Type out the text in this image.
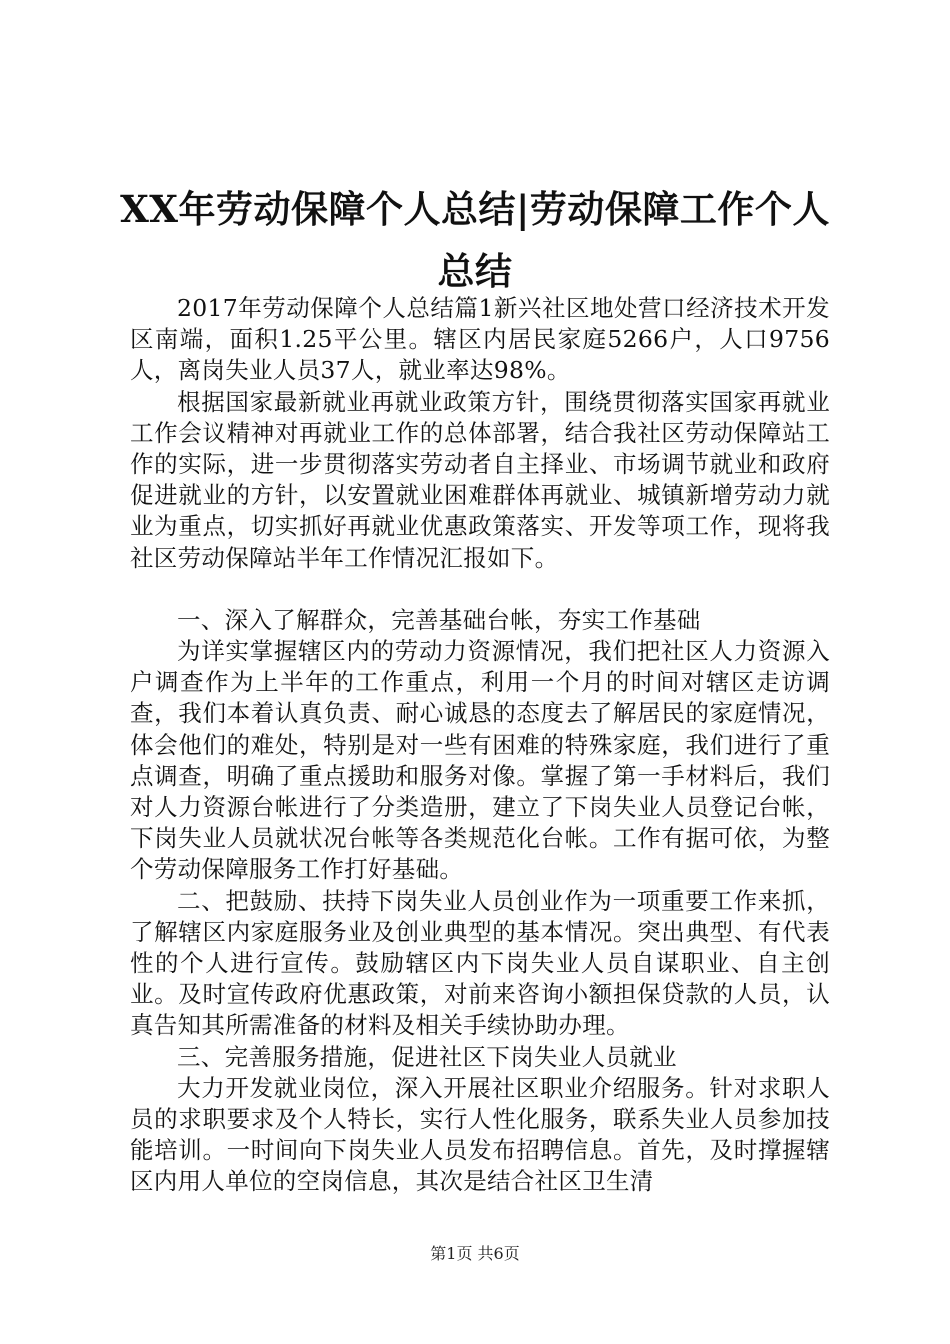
XX年劳动保障个人总结|劳动保障工作个人总结

2017年劳动保障个人总结篇1新兴社区地处营口经济技术开发区南端，面积1.25平公里。辖区内居民家庭5266户，人口9756人，离岗失业人员37人，就业率达98%。

根据国家最新就业再就业政策方针，围绕贯彻落实国家再就业工作会议精神对再就业工作的总体部署，结合我社区劳动保障站工作的实际，进一步贯彻落实劳动者自主择业、市场调节就业和政府促进就业的方针，以安置就业困难群体再就业、城镇新增劳动力就业为重点，切实抓好再就业优惠政策落实、开发等项工作，现将我社区劳动保障站半年工作情况汇报如下。

一、深入了解群众，完善基础台帐，夯实工作基础

为详实掌握辖区内的劳动力资源情况，我们把社区人力资源入户调查作为上半年的工作重点，利用一个月的时间对辖区走访调查，我们本着认真负责、耐心诚恳的态度去了解居民的家庭情况，体会他们的难处，特别是对一些有困难的特殊家庭，我们进行了重点调查，明确了重点援助和服务对像。掌握了第一手材料后，我们对人力资源台帐进行了分类造册，建立了下岗失业人员登记台帐，下岗失业人员就状况台帐等各类规范化台帐。工作有据可依，为整个劳动保障服务工作打好基础。

二、把鼓励、扶持下岗失业人员创业作为一项重要工作来抓，了解辖区内家庭服务业及创业典型的基本情况。突出典型、有代表性的个人进行宣传。鼓励辖区内下岗失业人员自谋职业、自主创业。及时宣传政府优惠政策，对前来咨询小额担保贷款的人员，认真告知其所需准备的材料及相关手续协助办理。

三、完善服务措施，促进社区下岗失业人员就业

大力开发就业岗位，深入开展社区职业介绍服务。针对求职人员的求职要求及个人特长，实行人性化服务，联系失业人员参加技能培训。一时间向下岗失业人员发布招聘信息。首先，及时撑握辖区内用人单位的空岗信息，其次是结合社区卫生清

第1页 共6页
